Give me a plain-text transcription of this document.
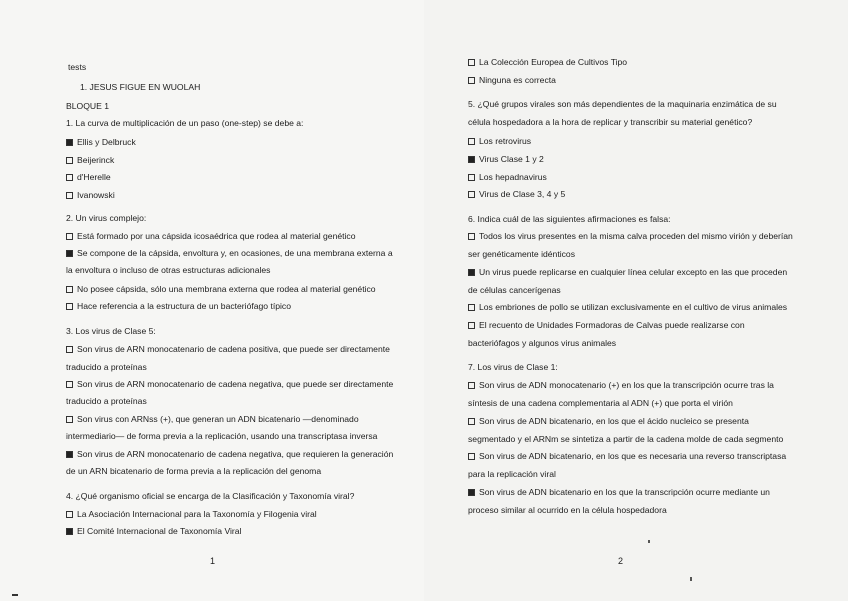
tests
1. JESUS FIGUE EN WUOLAH
BLOQUE 1
1. La curva de multiplicación de un paso (one-step) se debe a:
Ellis y Delbruck
Beijerinck
d'Herelle
Ivanowski
2. Un virus complejo:
Está formado por una cápsida icosaédrica que rodea al material genético
Se compone de la cápsida, envoltura y, en ocasiones, de una membrana externa a
la envoltura o incluso de otras estructuras adicionales
No posee cápsida, sólo una membrana externa que rodea al material genético
Hace referencia a la estructura de un bacteriófago típico
3. Los virus de Clase 5:
Son virus de ARN monocatenario de cadena positiva, que puede ser directamente
traducido a proteínas
Son virus de ARN monocatenario de cadena negativa, que puede ser directamente
traducido a proteínas
Son virus con ARNss (+), que generan un ADN bicatenario —denominado
intermediario— de forma previa a la replicación, usando una transcriptasa inversa
Son virus de ARN monocatenario de cadena negativa, que requieren la generación
de un ARN bicatenario de forma previa a la replicación del genoma
4. ¿Qué organismo oficial se encarga de la Clasificación y Taxonomía viral?
La Asociación Internacional para la Taxonomía y Filogenia viral
El Comité Internacional de Taxonomía Viral
1
La Colección Europea de Cultivos Tipo
Ninguna es correcta
5. ¿Qué grupos virales son más dependientes de la maquinaria enzimática de su
célula hospedadora a la hora de replicar y transcribir su material genético?
Los retrovirus
Virus Clase 1 y 2
Los hepadnavirus
Virus de Clase 3, 4 y 5
6. Indica cuál de las siguientes afirmaciones es falsa:
Todos los virus presentes en la misma calva proceden del mismo virión y deberían
ser genéticamente idénticos
Un virus puede replicarse en cualquier línea celular excepto en las que proceden
de células cancerígenas
Los embriones de pollo se utilizan exclusivamente en el cultivo de virus animales
El recuento de Unidades Formadoras de Calvas puede realizarse con
bacteriófagos y algunos virus animales
7. Los virus de Clase 1:
Son virus de ADN monocatenario (+) en los que la transcripción ocurre tras la
síntesis de una cadena complementaria al ADN (+) que porta el virión
Son virus de ADN bicatenario, en los que el ácido nucleico se presenta
segmentado y el ARNm se sintetiza a partir de la cadena molde de cada segmento
Son virus de ADN bicatenario, en los que es necesaria una reverso transcriptasa
para la replicación viral
Son virus de ADN bicatenario en los que la transcripción ocurre mediante un
proceso similar al ocurrido en la célula hospedadora
2
